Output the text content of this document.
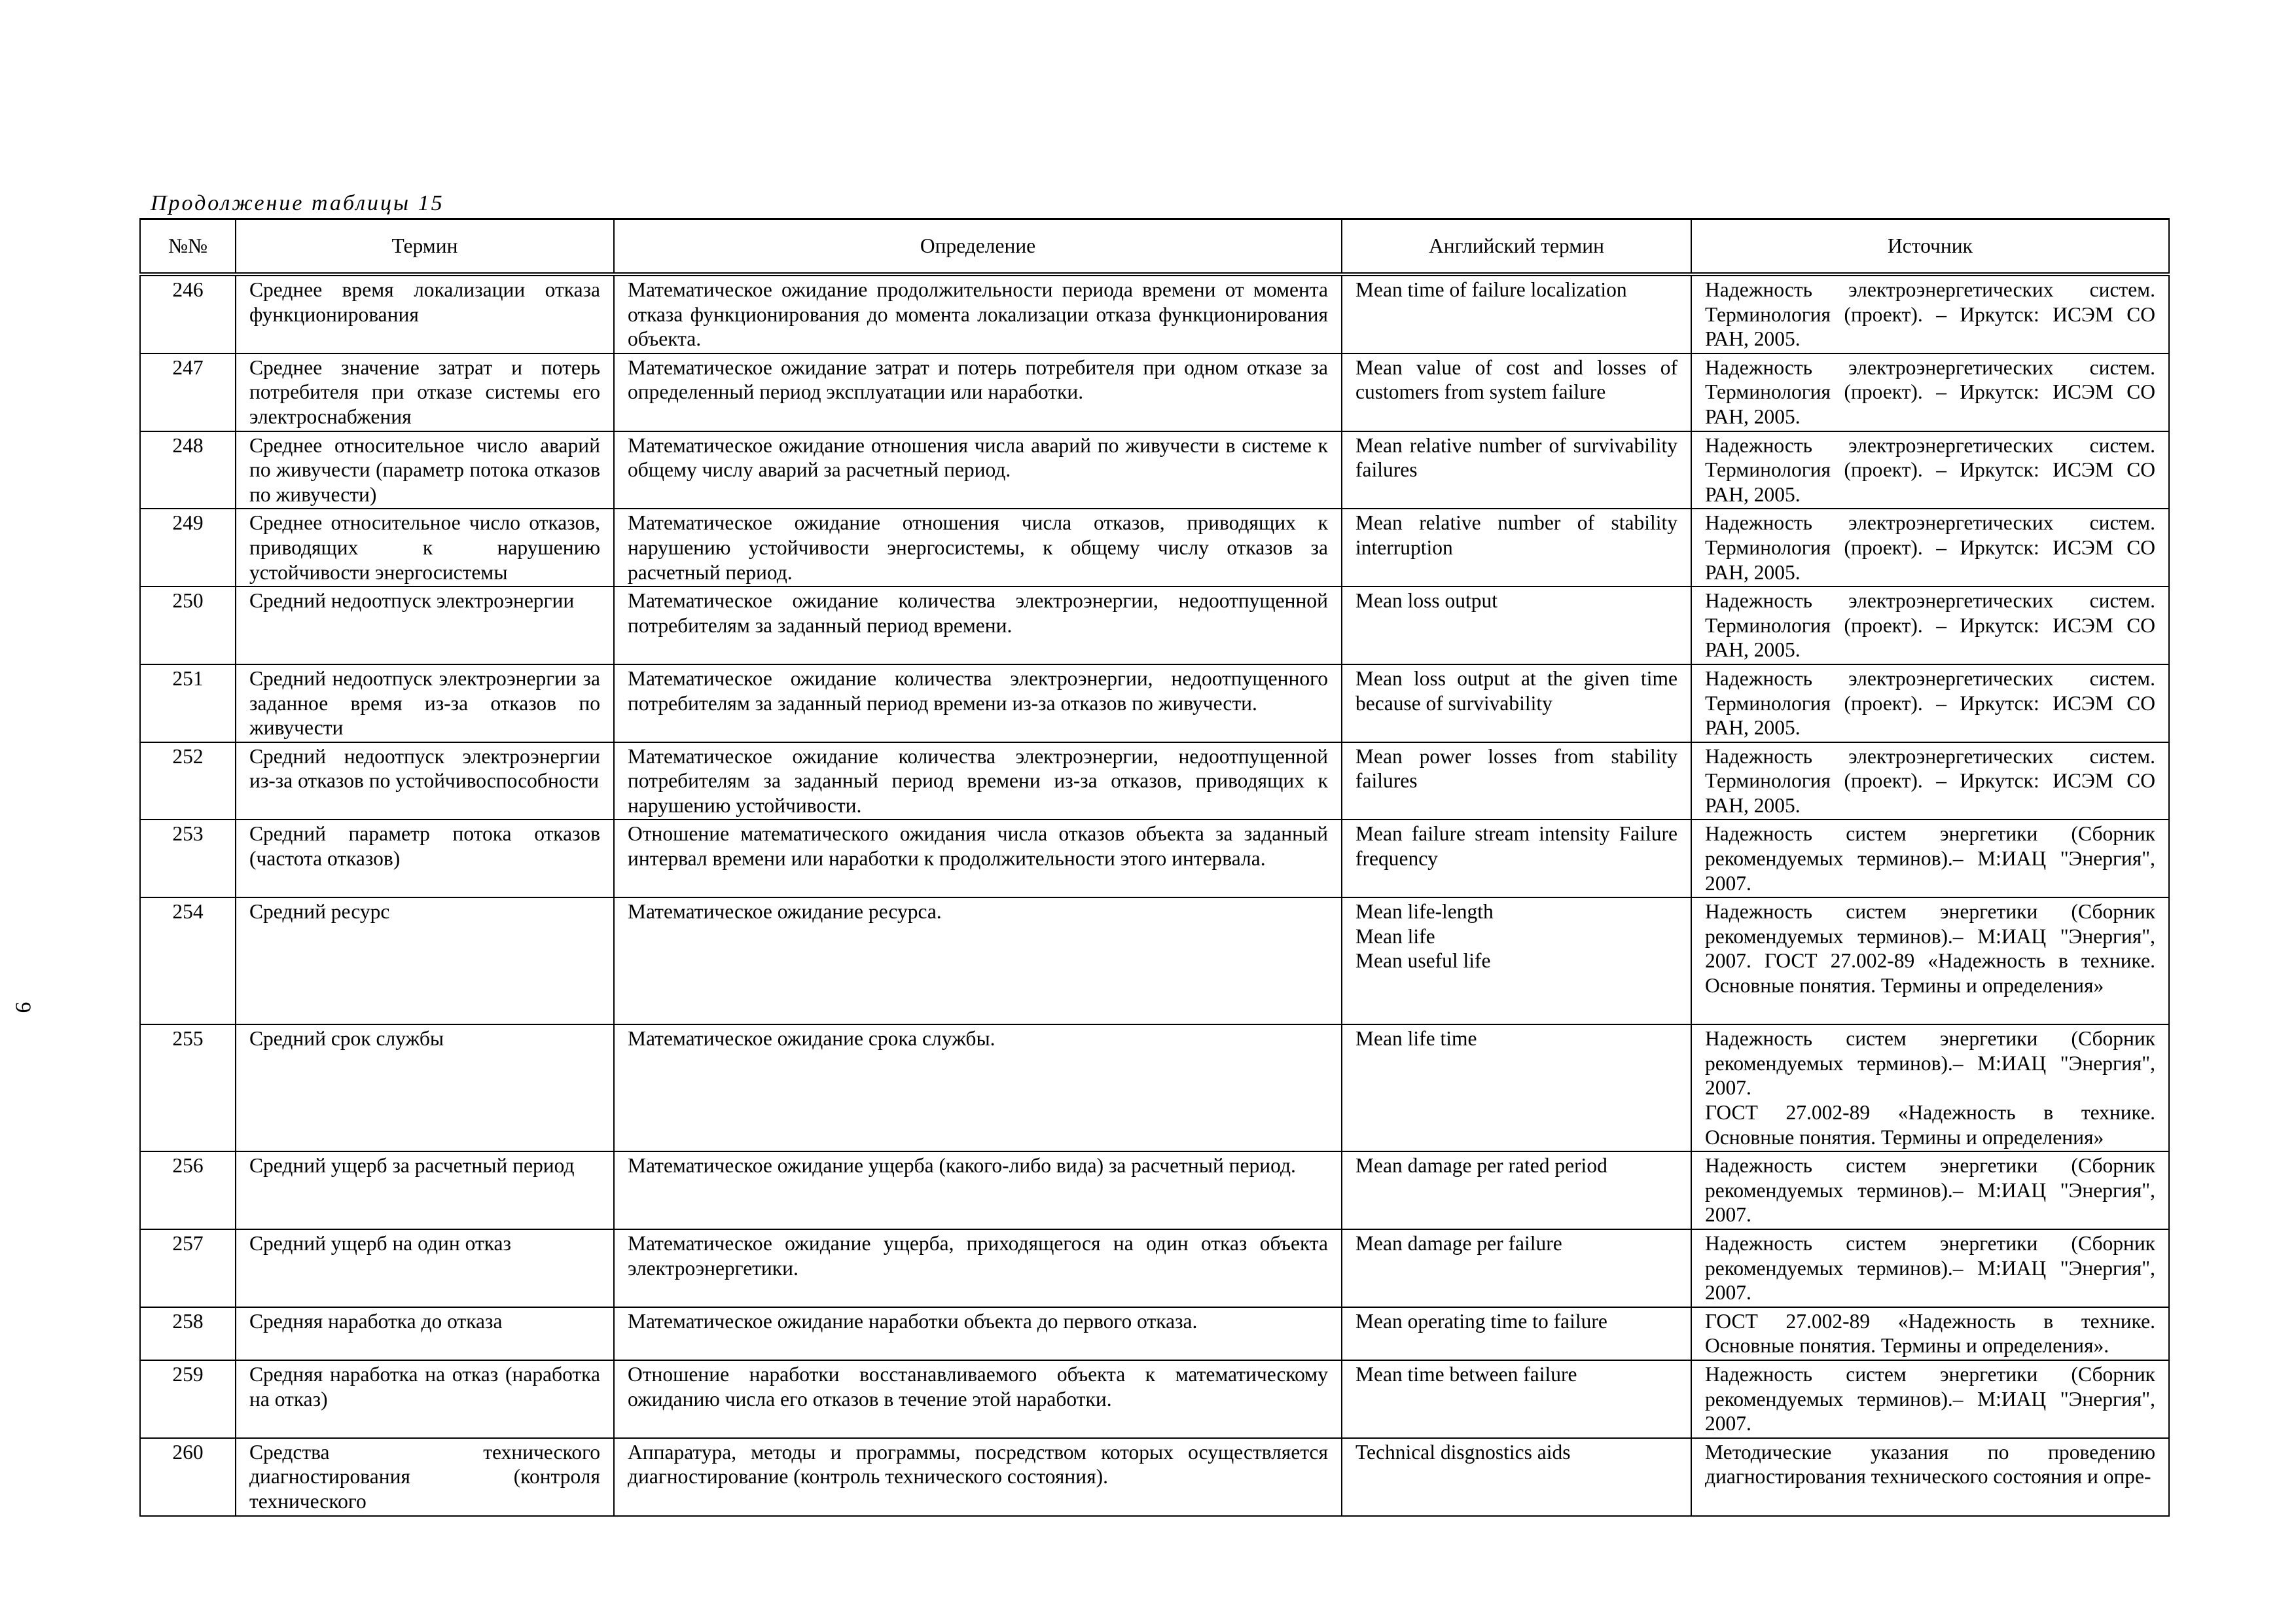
Продолжение таблицы 15
9
№№	Термин	Определение	Английский термин	Источник
246	Среднее время локализации отказа функционирования	Математическое ожидание продолжительности периода времени от момента отказа функционирования до момента локализации отказа функционирования объекта.	Mean time of failure localization	Надежность электроэнергетических систем. Терминология (проект). – Иркутск: ИСЭМ СО РАН, 2005.
247	Среднее значение затрат и потерь потребителя при отказе системы его электроснабжения	Математическое ожидание затрат и потерь потребителя при одном отказе за определенный период эксплуатации или наработки.	Mean value of cost and losses of customers from system failure	Надежность электроэнергетических систем. Терминология (проект). – Иркутск: ИСЭМ СО РАН, 2005.
248	Среднее относительное число аварий по живучести (параметр потока отказов по живучести)	Математическое ожидание отношения числа аварий по живучести в системе к общему числу аварий за расчетный период.	Mean relative number of survivability failures	Надежность электроэнергетических систем. Терминология (проект). – Иркутск: ИСЭМ СО РАН, 2005.
249	Среднее относительное число отказов, приводящих к нарушению устойчивости энергосистемы	Математическое ожидание отношения числа отказов, приводящих к нарушению устойчивости энергосистемы, к общему числу отказов за расчетный период.	Mean relative number of stability interruption	Надежность электроэнергетических систем. Терминология (проект). – Иркутск: ИСЭМ СО РАН, 2005.
250	Средний недоотпуск электроэнергии	Математическое ожидание количества электроэнергии, недоотпущенной потребителям за заданный период времени.	Mean loss output	Надежность электроэнергетических систем. Терминология (проект). – Иркутск: ИСЭМ СО РАН, 2005.
251	Средний недоотпуск электроэнергии за заданное время из-за отказов по живучести	Математическое ожидание количества электроэнергии, недоотпущенного потребителям за заданный период времени из-за отказов по живучести.	Mean loss output at the given time because of survivability	Надежность электроэнергетических систем. Терминология (проект). – Иркутск: ИСЭМ СО РАН, 2005.
252	Средний недоотпуск электроэнергии из-за отказов по устойчивоспособности	Математическое ожидание количества электроэнергии, недоотпущенной потребителям за заданный период времени из-за отказов, приводящих к нарушению устойчивости.	Mean power losses from stability failures	Надежность электроэнергетических систем. Терминология (проект). – Иркутск: ИСЭМ СО РАН, 2005.
253	Средний параметр потока отказов (частота отказов)	Отношение математического ожидания числа отказов объекта за заданный интервал времени или наработки к продолжительности этого интервала.	Mean failure stream intensity Failure frequency	Надежность систем энергетики (Сборник рекомендуемых терминов).– М:ИАЦ "Энергия", 2007.
254	Средний ресурс	Математическое ожидание ресурса.	Mean life-length
Mean life
Mean useful life	Надежность систем энергетики (Сборник рекомендуемых терминов).– М:ИАЦ "Энергия", 2007. ГОСТ 27.002-89 «Надежность в технике. Основные понятия. Термины и определения»
255	Средний срок службы	Математическое ожидание срока службы.	Mean life time	Надежность систем энергетики (Сборник рекомендуемых терминов).– М:ИАЦ "Энергия", 2007.
ГОСТ 27.002-89 «Надежность в технике. Основные понятия. Термины и определения»

256	Средний ущерб за расчетный период	Математическое ожидание ущерба (какого-либо вида) за расчетный период.	Mean damage per rated period	Надежность систем энергетики (Сборник рекомендуемых терминов).– М:ИАЦ "Энергия", 2007.
257	Средний ущерб на один отказ	Математическое ожидание ущерба, приходящегося на один отказ объекта электроэнергетики.	Mean damage per failure	Надежность систем энергетики (Сборник рекомендуемых терминов).– М:ИАЦ "Энергия", 2007.
258	Средняя наработка до отказа	Математическое ожидание наработки объекта до первого отказа.	Mean operating time to failure	ГОСТ 27.002-89 «Надежность в технике. Основные понятия. Термины и определения».
259	Средняя наработка на отказ (наработка на отказ)	Отношение наработки восстанавливаемого объекта к математическому ожиданию числа его отказов в течение этой наработки.	Mean time between failure	Надежность систем энергетики (Сборник рекомендуемых терминов).– М:ИАЦ "Энергия", 2007.
260	Средства технического диагностирования (контроля технического	Аппаратура, методы и программы, посредством которых осуществляется диагностирование (контроль технического состояния).	Technical disgnostics aids	Методические указания по проведению диагностирования технического состояния и опре-
